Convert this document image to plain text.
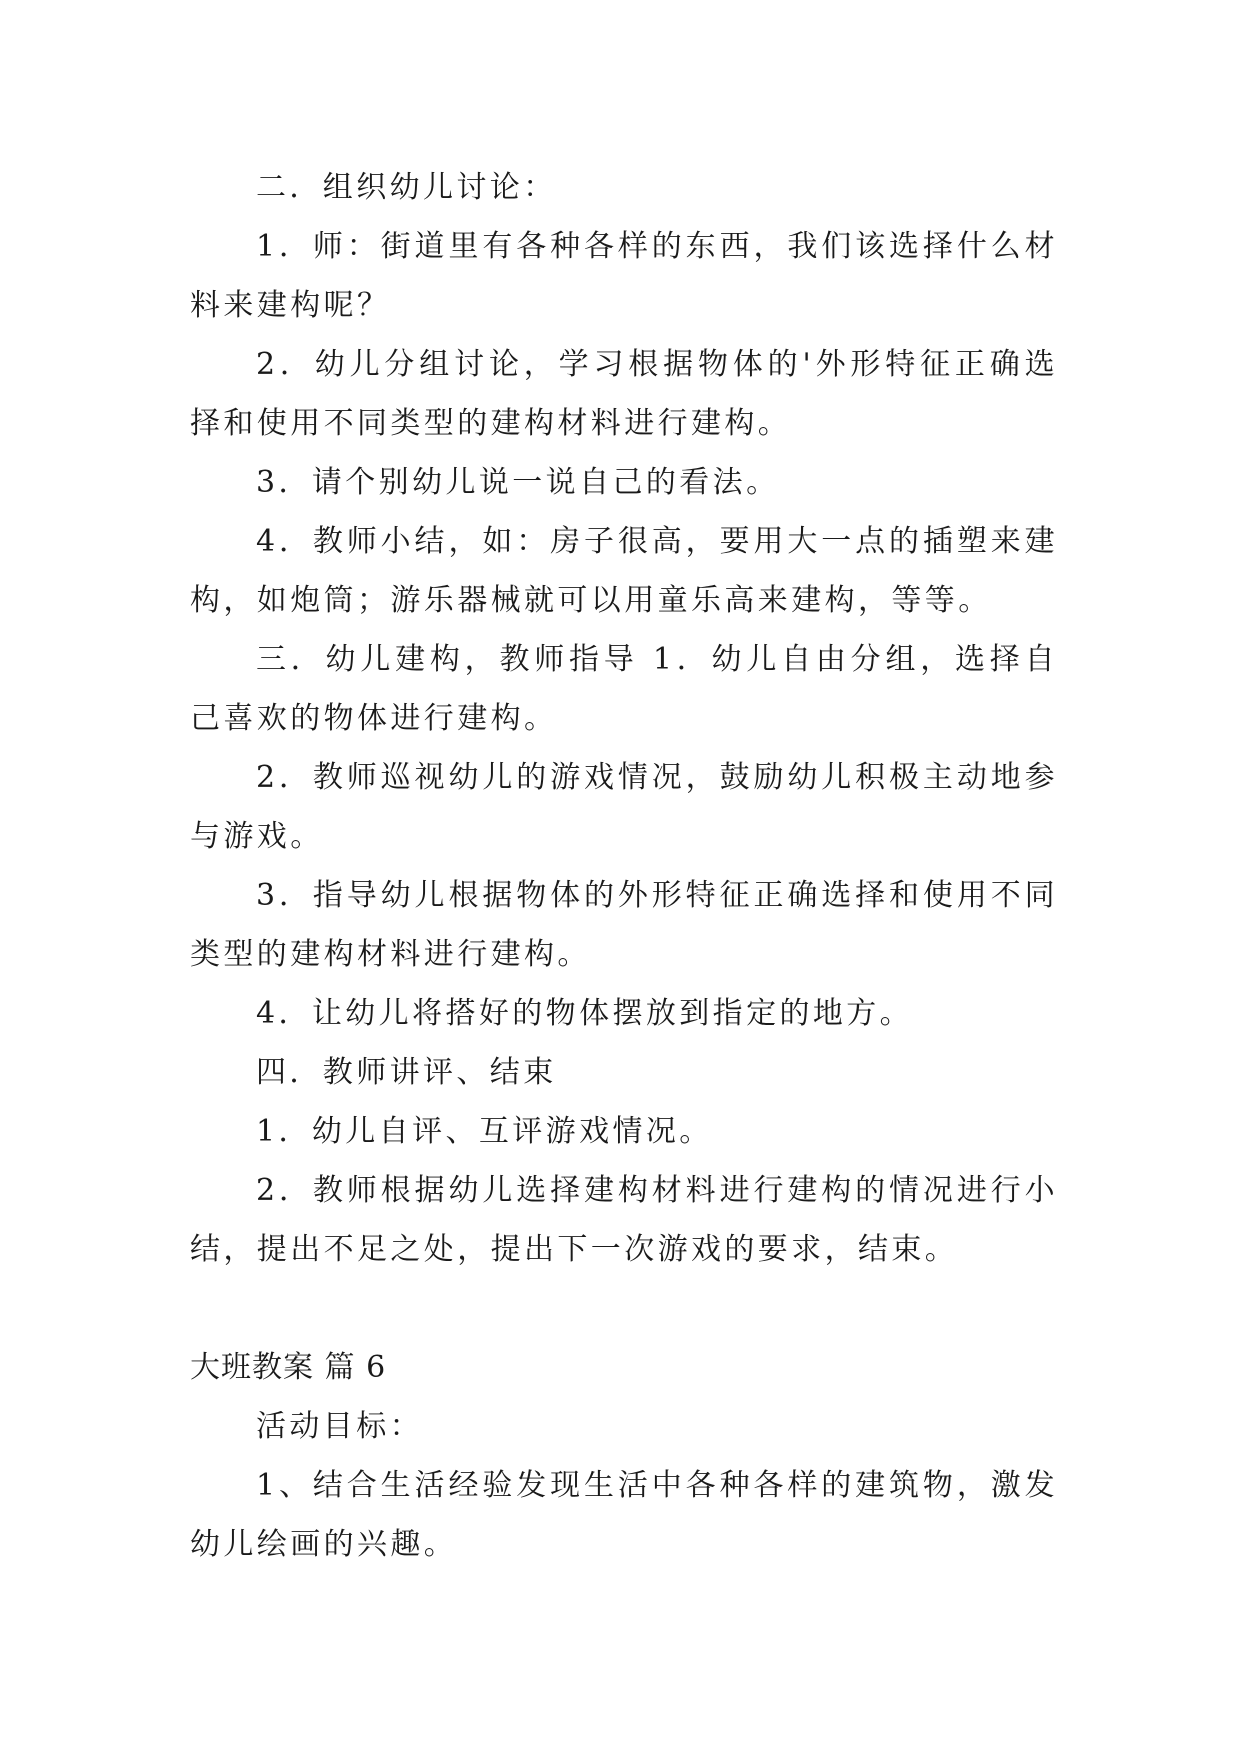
二．组织幼儿讨论：

1．师：街道里有各种各样的东西，我们该选择什么材料来建构呢？

2．幼儿分组讨论，学习根据物体的'外形特征正确选择和使用不同类型的建构材料进行建构。

3．请个别幼儿说一说自己的看法。

4．教师小结，如：房子很高，要用大一点的插塑来建构，如炮筒；游乐器械就可以用童乐高来建构，等等。

三．幼儿建构，教师指导 1．幼儿自由分组，选择自己喜欢的物体进行建构。

2．教师巡视幼儿的游戏情况，鼓励幼儿积极主动地参与游戏。

3．指导幼儿根据物体的外形特征正确选择和使用不同类型的建构材料进行建构。

4．让幼儿将搭好的物体摆放到指定的地方。

四．教师讲评、结束

1．幼儿自评、互评游戏情况。

2．教师根据幼儿选择建构材料进行建构的情况进行小结，提出不足之处，提出下一次游戏的要求，结束。

大班教案 篇 6

活动目标：

1、结合生活经验发现生活中各种各样的建筑物，激发幼儿绘画的兴趣。
